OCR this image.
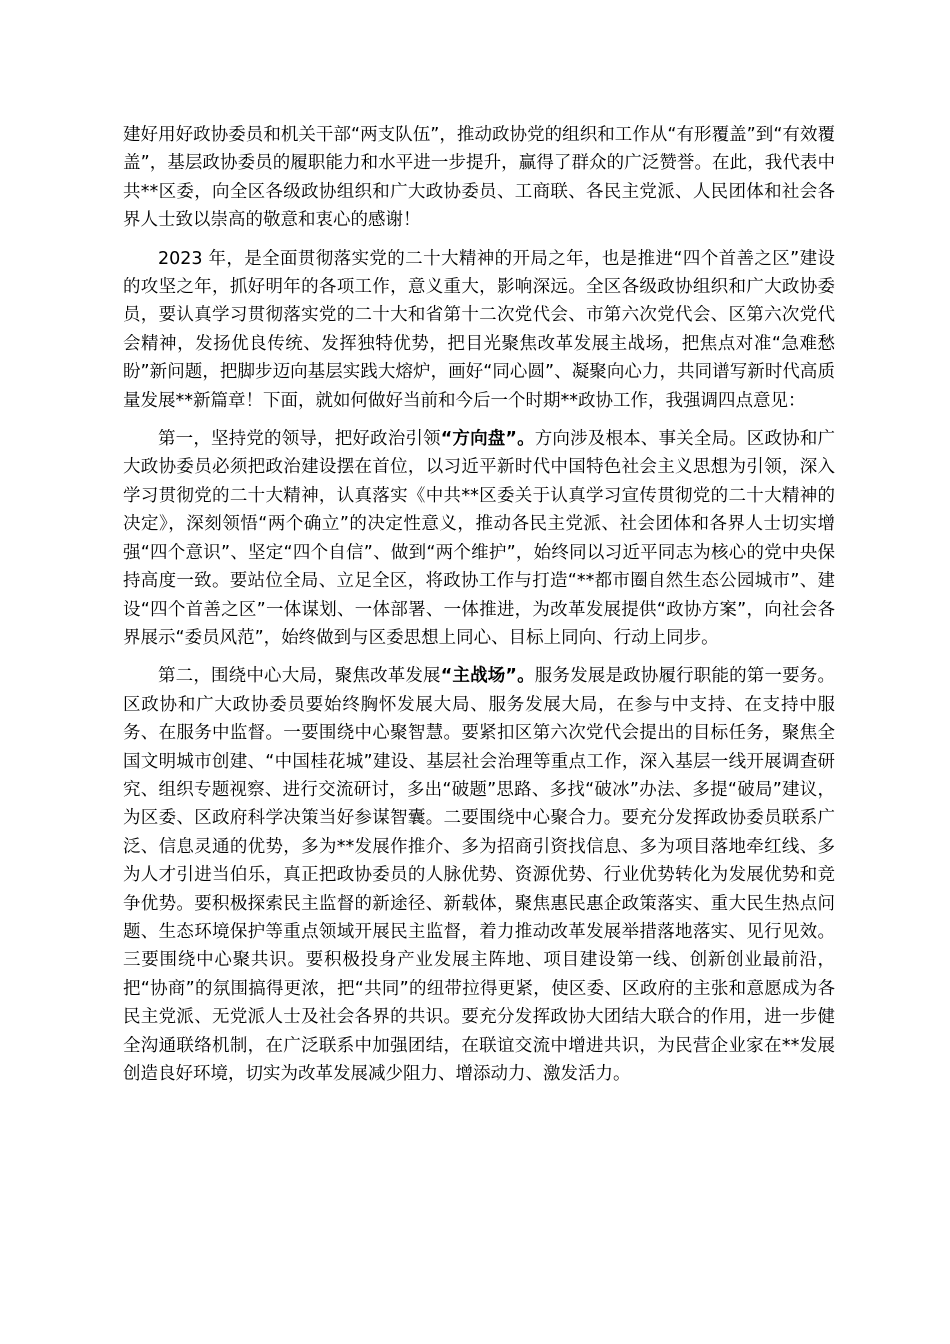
建好用好政协委员和机关干部“两支队伍”，推动政协党的组织和工作从“有形覆盖”到“有效覆盖”，基层政协委员的履职能力和水平进一步提升，赢得了群众的广泛赞誉。在此，我代表中共**区委，向全区各级政协组织和广大政协委员、工商联、各民主党派、人民团体和社会各界人士致以崇高的敬意和衷心的感谢！

2023 年，是全面贯彻落实党的二十大精神的开局之年，也是推进“四个首善之区”建设的攻坚之年，抓好明年的各项工作，意义重大，影响深远。全区各级政协组织和广大政协委员，要认真学习贯彻落实党的二十大和省第十二次党代会、市第六次党代会、区第六次党代会精神，发扬优良传统、发挥独特优势，把目光聚焦改革发展主战场，把焦点对准“急难愁盼”新问题，把脚步迈向基层实践大熔炉，画好“同心圆”、凝聚向心力，共同谱写新时代高质量发展**新篇章！下面，就如何做好当前和今后一个时期**政协工作，我强调四点意见：

第一，坚持党的领导，把好政治引领“方向盘”。方向涉及根本、事关全局。区政协和广大政协委员必须把政治建设摆在首位，以习近平新时代中国特色社会主义思想为引领，深入学习贯彻党的二十大精神，认真落实《中共**区委关于认真学习宣传贯彻党的二十大精神的决定》，深刻领悟“两个确立”的决定性意义，推动各民主党派、社会团体和各界人士切实增强“四个意识”、坚定“四个自信”、做到“两个维护”，始终同以习近平同志为核心的党中央保持高度一致。要站位全局、立足全区，将政协工作与打造“**都市圈自然生态公园城市”、建设“四个首善之区”一体谋划、一体部署、一体推进，为改革发展提供“政协方案”，向社会各界展示“委员风范”，始终做到与区委思想上同心、目标上同向、行动上同步。

第二，围绕中心大局，聚焦改革发展“主战场”。服务发展是政协履行职能的第一要务。区政协和广大政协委员要始终胸怀发展大局、服务发展大局，在参与中支持、在支持中服务、在服务中监督。一要围绕中心聚智慧。要紧扣区第六次党代会提出的目标任务，聚焦全国文明城市创建、“中国桂花城”建设、基层社会治理等重点工作，深入基层一线开展调查研究、组织专题视察、进行交流研讨，多出“破题”思路、多找“破冰”办法、多提“破局”建议，为区委、区政府科学决策当好参谋智囊。二要围绕中心聚合力。要充分发挥政协委员联系广泛、信息灵通的优势，多为**发展作推介、多为招商引资找信息、多为项目落地牵红线、多为人才引进当伯乐，真正把政协委员的人脉优势、资源优势、行业优势转化为发展优势和竞争优势。要积极探索民主监督的新途径、新载体，聚焦惠民惠企政策落实、重大民生热点问题、生态环境保护等重点领域开展民主监督，着力推动改革发展举措落地落实、见行见效。三要围绕中心聚共识。要积极投身产业发展主阵地、项目建设第一线、创新创业最前沿，把“协商”的氛围搞得更浓，把“共同”的纽带拉得更紧，使区委、区政府的主张和意愿成为各民主党派、无党派人士及社会各界的共识。要充分发挥政协大团结大联合的作用，进一步健全沟通联络机制，在广泛联系中加强团结，在联谊交流中增进共识，为民营企业家在**发展创造良好环境，切实为改革发展减少阻力、增添动力、激发活力。
